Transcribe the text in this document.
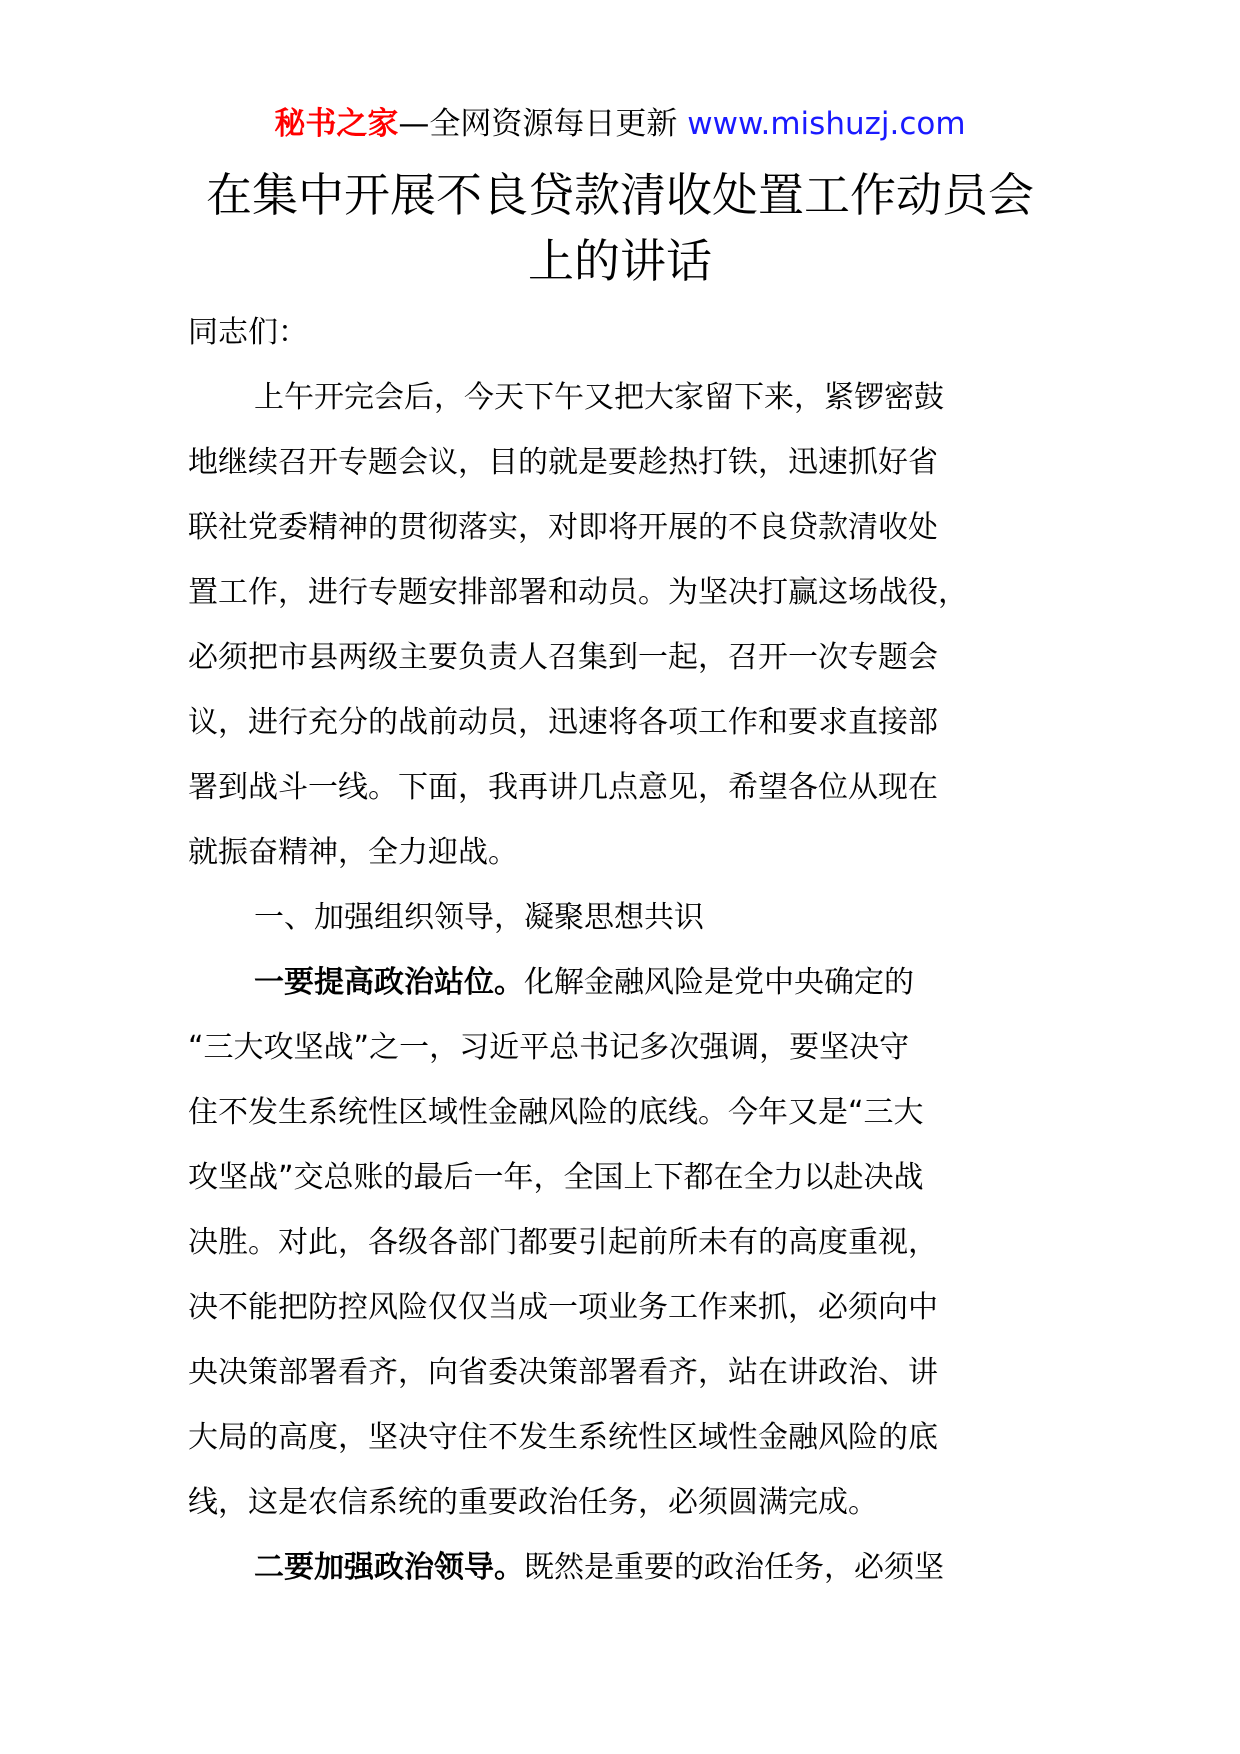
秘书之家—全网资源每日更新 www.mishuzj.com
在集中开展不良贷款清收处置工作动员会
上的讲话
同志们：
上午开完会后，今天下午又把大家留下来，紧锣密鼓
地继续召开专题会议，目的就是要趁热打铁，迅速抓好省
联社党委精神的贯彻落实，对即将开展的不良贷款清收处
置工作，进行专题安排部署和动员。为坚决打赢这场战役，
必须把市县两级主要负责人召集到一起，召开一次专题会
议，进行充分的战前动员，迅速将各项工作和要求直接部
署到战斗一线。下面，我再讲几点意见，希望各位从现在
就振奋精神，全力迎战。
一、加强组织领导，凝聚思想共识
一要提高政治站位。化解金融风险是党中央确定的
“三大攻坚战”之一，习近平总书记多次强调，要坚决守
住不发生系统性区域性金融风险的底线。今年又是“三大
攻坚战”交总账的最后一年，全国上下都在全力以赴决战
决胜。对此，各级各部门都要引起前所未有的高度重视，
决不能把防控风险仅仅当成一项业务工作来抓，必须向中
央决策部署看齐，向省委决策部署看齐，站在讲政治、讲
大局的高度，坚决守住不发生系统性区域性金融风险的底
线，这是农信系统的重要政治任务，必须圆满完成。
二要加强政治领导。既然是重要的政治任务，必须坚
